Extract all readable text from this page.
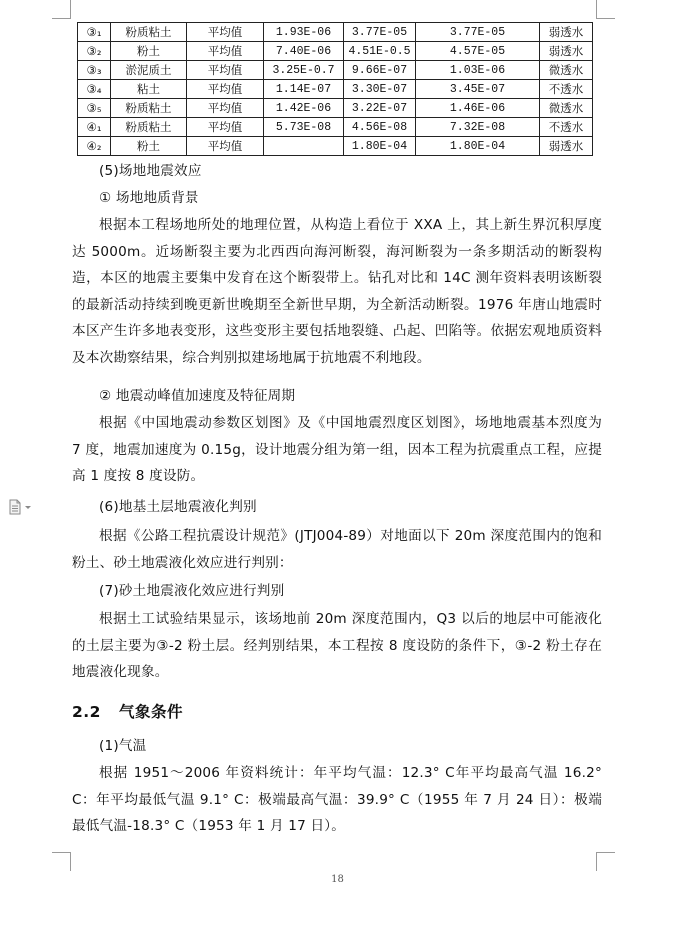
③₁	粉质粘土	平均值	1.93E-06	3.77E-05	3.77E-05	弱透水
③₂	粉土	平均值	7.40E-06	4.51E-0.5	4.57E-05	弱透水
③₃	淤泥质土	平均值	3.25E-0.7	9.66E-07	1.03E-06	微透水
③₄	粘土	平均值	1.14E-07	3.30E-07	3.45E-07	不透水
③₅	粉质粘土	平均值	1.42E-06	3.22E-07	1.46E-06	微透水
④₁	粉质粘土	平均值	5.73E-08	4.56E-08	7.32E-08	不透水
④₂	粉土	平均值		1.80E-04	1.80E-04	弱透水

(5)场地地震效应

① 场地地质背景

根据本工程场地所处的地理位置，从构造上看位于 XXA 上，其上新生界沉积厚度达 5000m。近场断裂主要为北西西向海河断裂，海河断裂为一条多期活动的断裂构造，本区的地震主要集中发育在这个断裂带上。钻孔对比和 14C 测年资料表明该断裂的最新活动持续到晚更新世晚期至全新世早期，为全新活动断裂。1976 年唐山地震时本区产生许多地表变形，这些变形主要包括地裂缝、凸起、凹陷等。依据宏观地质资料及本次勘察结果，综合判别拟建场地属于抗地震不利地段。

② 地震动峰值加速度及特征周期

根据《中国地震动参数区划图》及《中国地震烈度区划图》，场地地震基本烈度为 7 度，地震加速度为 0.15g，设计地震分组为第一组，因本工程为抗震重点工程，应提高 1 度按 8 度设防。

(6)地基土层地震液化判别

根据《公路工程抗震设计规范》(JTJ004-89）对地面以下 20m 深度范围内的饱和粉土、砂土地震液化效应进行判别：

(7)砂土地震液化效应进行判别

根据土工试验结果显示，该场地前 20m 深度范围内，Q3 以后的地层中可能液化的土层主要为③-2 粉土层。经判别结果，本工程按 8 度设防的条件下，③-2 粉土存在地震液化现象。

2.2 气象条件

(1)气温

根据 1951～2006 年资料统计：年平均气温：12.3° C年平均最高气温 16.2° C：年平均最低气温 9.1° C：极端最高气温：39.9° C（1955 年 7 月 24 日）：极端最低气温-18.3° C（1953 年 1 月 17 日）。

18
